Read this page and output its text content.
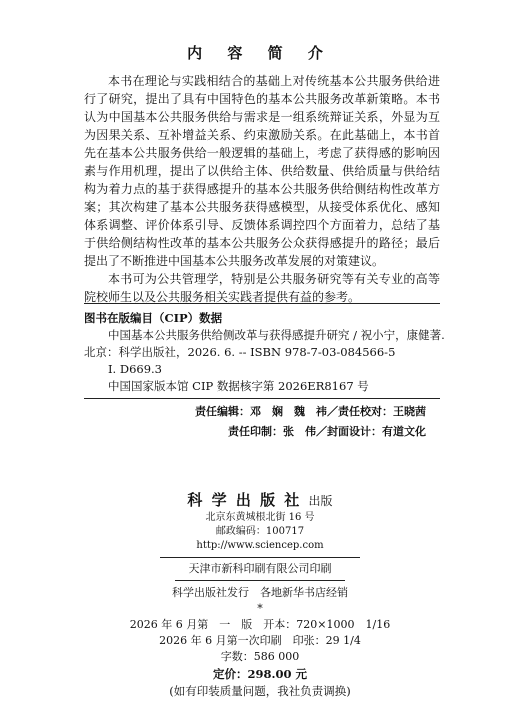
内 容 简 介

本书在理论与实践相结合的基础上对传统基本公共服务供给进行了研究，提出了具有中国特色的基本公共服务改革新策略。本书认为中国基本公共服务供给与需求是一组系统辩证关系，外显为互为因果关系、互补增益关系、约束激励关系。在此基础上，本书首先在基本公共服务供给一般逻辑的基础上，考虑了获得感的影响因素与作用机理，提出了以供给主体、供给数量、供给质量与供给结构为着力点的基于获得感提升的基本公共服务供给侧结构性改革方案；其次构建了基本公共服务获得感模型，从接受体系优化、感知体系调整、评价体系引导、反馈体系调控四个方面着力，总结了基于供给侧结构性改革的基本公共服务公众获得感提升的路径；最后提出了不断推进中国基本公共服务改革发展的对策建议。

本书可为公共管理学，特别是公共服务研究等有关专业的高等院校师生以及公共服务相关实践者提供有益的参考。

图书在版编目（CIP）数据
中国基本公共服务供给侧改革与获得感提升研究 / 祝小宁，康健著.
北京：科学出版社，2026. 6. -- ISBN 978-7-03-084566-5
Ⅰ. D669.3
中国国家版本馆 CIP 数据核字第 2026ER8167 号
责任编辑：邓　娴　魏　祎／责任校对：王晓茜
责任印制：张　伟／封面设计：有道文化
科 学 出 版 社 出版
北京东黄城根北街 16 号
邮政编码：100717
http://www.sciencep.com
天津市新科印刷有限公司印刷
科学出版社发行　各地新华书店经销
*
2026 年 6 月第　一　版　开本：720×1000　1/16
2026 年 6 月第一次印刷　印张：29 1/4
字数：586 000
定价：298.00 元
(如有印装质量问题，我社负责调换)
